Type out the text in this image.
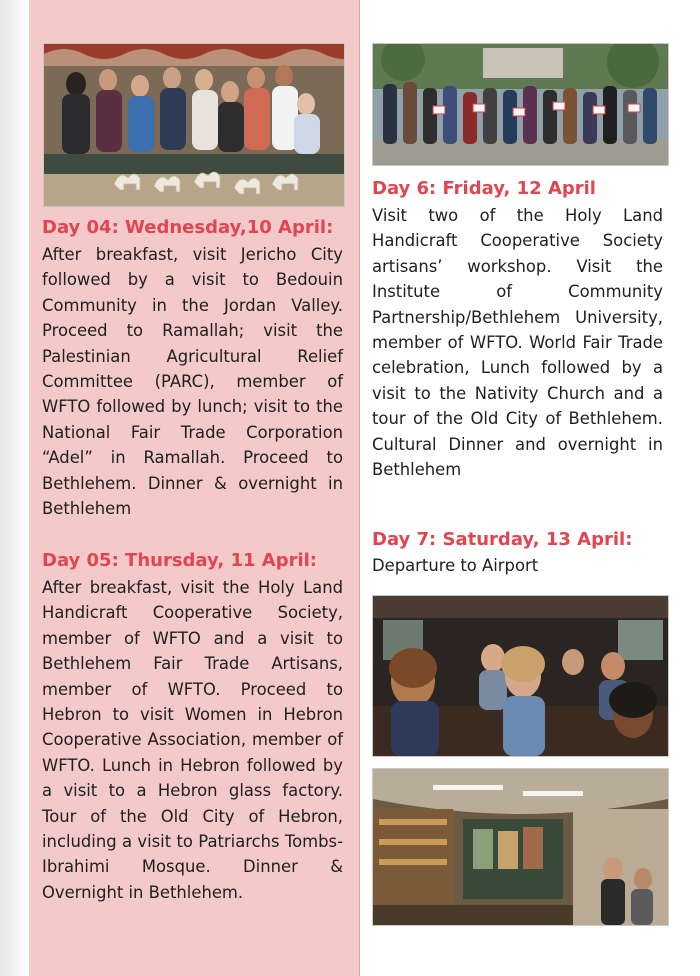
Day 04: Wednesday,10 April:

After breakfast, visit Jericho City followed by a visit to Bedouin Community in the Jordan Valley. Proceed to Ramallah; visit the Palestinian Agricultural Relief Committee (PARC), member of WFTO followed by lunch; visit to the National Fair Trade Corporation “Adel” in Ramallah. Proceed to Bethlehem. Dinner & overnight in Bethlehem

Day 05: Thursday, 11 April:

After breakfast, visit the Holy Land Handicraft Cooperative Society, member of WFTO and a visit to Bethlehem Fair Trade Artisans, member of WFTO. Proceed to Hebron to visit Women in Hebron Cooperative Association, member of WFTO. Lunch in Hebron followed by a visit to a Hebron glass factory. Tour of the Old City of Hebron, including a visit to Patriarchs Tombs- Ibrahimi Mosque. Dinner & Overnight in Bethlehem.

Day 6: Friday, 12 April

Visit two of the Holy Land Handicraft Cooperative Society artisans’ workshop. Visit the Institute of Community Partnership/Bethlehem University, member of WFTO. World Fair Trade celebration, Lunch followed by a visit to the Nativity Church and a tour of the Old City of Bethlehem. Cultural Dinner and overnight in Bethlehem

Day 7: Saturday, 13 April:

Departure to Airport
